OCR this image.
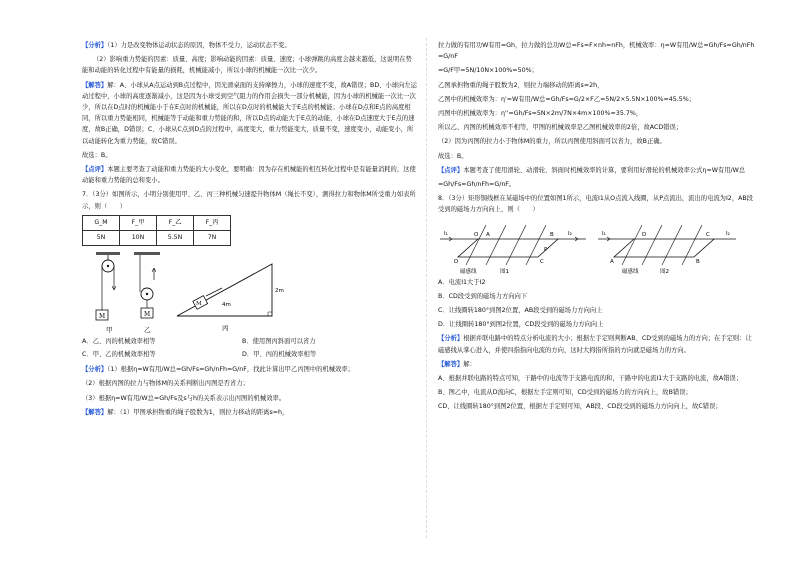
【分析】（1）力是改变物体运动状态的原因，物体不受力，运动状态不变。

（2）影响重力势能的因素：质量、高度；影响动能的因素：质量、速度；小球弹跳的高度会越来越低，这说明在势能和动能的转化过程中有能量的损耗，机械能减小，所以小球的机械能一次比一次少。

【解答】解：A、小球从A点运动到B点过程中，因光滑桌面的支持摩擦力，小球的速度不变，故A错误；BD、小球向左运动过程中，小球的高度逐渐减小，这是因为小球受到空气阻力的作用会损失一部分机械能，因为小球的机械能一次比一次少，所以在D点时的机械能小于在E点时的机械能，所以在D点时的机械能大于E点的机械能；小球在D点和E点的高度相同，所以重力势能相同，机械能等于动能和重力势能的和，所以D点的动能大于E点的动能，小球在D点速度大于E点的速度，故B正确，D错误；C、小球从C点到D点的过程中，高度变大，重力势能变大，质量不变，速度变小，动能变小，所以动能转化为重力势能，故C错误。

故选：B。

【点评】本题主要考查了动能和重力势能的大小变化，要明确：因为存在机械能的相互转化过程中是有能量消耗的，这使动能和重力势能的总和变小。

7．（3分）如图所示，小明分别使用甲、乙、丙三种机械匀速提升物体M（绳长不变），测得拉力和物体M所受重力如表所示，则（　　）

G_M	F_甲	F_乙	F_丙
5N	10N	5.5N	7N
M
甲
M
乙
M	4m
2m
丙
A．乙、丙的机械效率相等	B．使用图丙斜面可以省力
C．甲、乙的机械效率相等	D．甲、丙的机械效率相等

【分析】（1）根据η=W有用/W总=Gh/Fs=Gh/nFh=G/nF，找此计算出甲乙丙图中的机械效率；

（2）根据丙图的拉力与物体M的关系判断出丙图是否省力；

（3）根据η=W有用/W总=Gh/Fs及s与h的关系表示出丙图的机械效率。

【解答】解：（1）甲图承担物重的绳子股数为1，则拉力移动的距离s=h，

拉力做的有用功W有用=Gh，拉力做的总功W总=Fs=F×nh=nFh，机械效率：η=W有用/W总=Gh/Fs=Gh/nFh=G/nF

=G/F甲=5N/10N×100%=50%；

乙图承担物重的绳子股数为2，则拉力端移动的距离s=2h，

乙图中的机械效率为：η'=W有用/W总=Gh/Fs=G/2×F乙=5N/2×5.5N×100%≈45.5%；

丙图中的机械效率为：η''=Gh/Fs=5N×2m/7N×4m×100%≈35.7%，

所以乙、丙图的机械效率不相等，甲图的机械效率是乙图机械效率的2倍，故ACD错误；

（2）因为丙图的拉力小于物体M的重力，所以丙图使用斜面可以省力，故B正确。

故选：B。

【点评】本题考查了使用滑轮、动滑轮、斜面时机械效率的计算，要利用好滑轮的机械效率公式η=W有用/W总

=Gh/Fs=Gh/nFh=G/nF。

8．（3分）矩形铜线框在某磁场中的位置如图1所示，电流I1从O点流入线圈，从P点流出，流出的电流为I2，AB段受到的磁场力方向向上，则（　　）

I₁	O A	B
C
D
P
I₂
磁感线	图1
I₁	D	C
B
A
I₂
磁感线	图2

A．电流I1大于I2

B．CD段受到的磁场力方向向下

C．让线圈转180°到图2位置，AB段受到的磁场力方向向上

D．让线圈转180°到图2位置，CD段受到的磁场力方向向上

【分析】根据并联电路中的特点分析电流的大小；根据左手定则判断AB、CD受到的磁场力的方向；在手定则：让磁感线从掌心进入，并使四指指向电流的方向，这时大拇指所指的方向就是磁场力的方向。

【解答】解：

A、根据并联电路的特点可知，干路中的电流等于支路电流的和，干路中的电流I1大于支路的电流，故A错误；

B、图乙中，电流从D流向C，根据左手定则可知，CD受到的磁场力的方向向上，故B错误；

CD、让线圈转180°到图2位置，根据左手定则可知，AB段、CD段受到的磁场力方向向上，故C错误；
